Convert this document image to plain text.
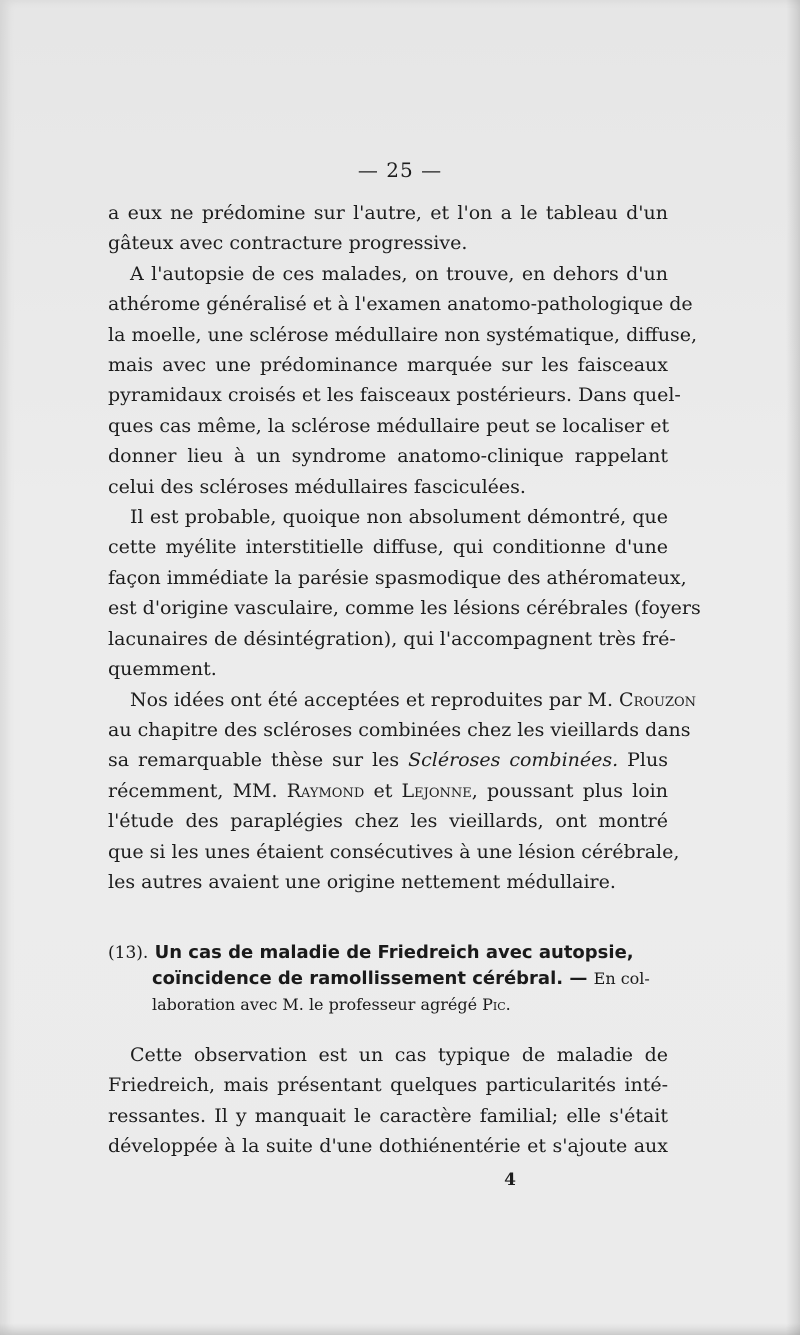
— 25 —
a eux ne prédomine sur l'autre, et l'on a le tableau d'un
gâteux avec contracture progressive.
A l'autopsie de ces malades, on trouve, en dehors d'un
athérome généralisé et à l'examen anatomo-pathologique de
la moelle, une sclérose médullaire non systématique, diffuse,
mais avec une prédominance marquée sur les faisceaux
pyramidaux croisés et les faisceaux postérieurs. Dans quel-
ques cas même, la sclérose médullaire peut se localiser et
donner lieu à un syndrome anatomo-clinique rappelant
celui des scléroses médullaires fasciculées.
Il est probable, quoique non absolument démontré, que
cette myélite interstitielle diffuse, qui conditionne d'une
façon immédiate la parésie spasmodique des athéromateux,
est d'origine vasculaire, comme les lésions cérébrales (foyers
lacunaires de désintégration), qui l'accompagnent très fré-
quemment.
Nos idées ont été acceptées et reproduites par M. Crouzon
au chapitre des scléroses combinées chez les vieillards dans
sa remarquable thèse sur les Scléroses combinées. Plus
récemment, MM. Raymond et Lejonne, poussant plus loin
l'étude des paraplégies chez les vieillards, ont montré
que si les unes étaient consécutives à une lésion cérébrale,
les autres avaient une origine nettement médullaire.
(13). Un cas de maladie de Friedreich avec autopsie,
coïncidence de ramollissement cérébral. — En col-
laboration avec M. le professeur agrégé Pic.
Cette observation est un cas typique de maladie de
Friedreich, mais présentant quelques particularités inté-
ressantes. Il y manquait le caractère familial; elle s'était
développée à la suite d'une dothiénentérie et s'ajoute aux
4
